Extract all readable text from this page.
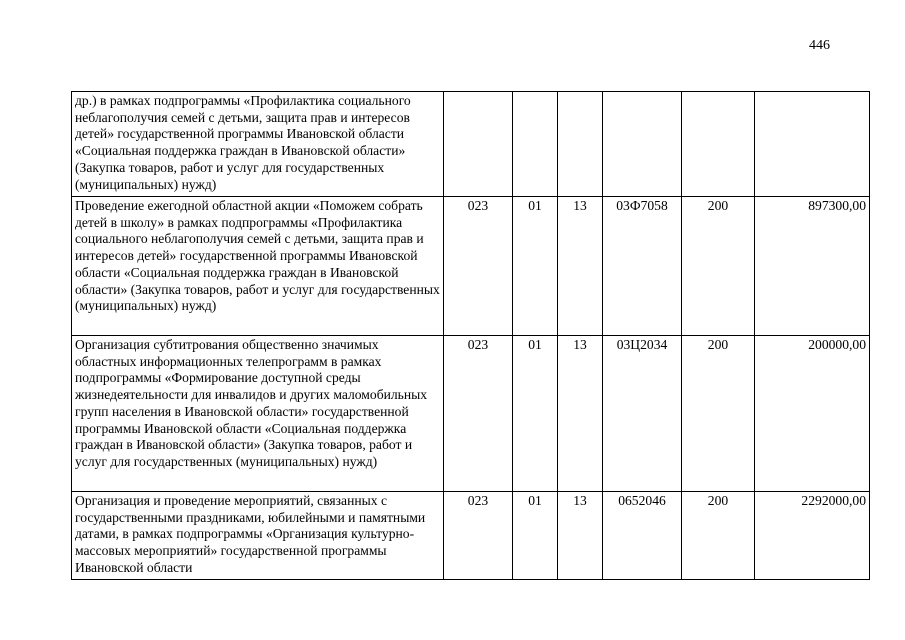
446
др.) в рамках подпрограммы «Профилактика социального неблагополучия семей с детьми, защита прав и интересов детей» государственной программы Ивановской области «Социальная поддержка граждан в Ивановской области» (Закупка товаров, работ и услуг для государственных (муниципальных) нужд)						
Проведение ежегодной областной акции «Поможем собрать детей в школу» в рамках подпрограммы «Профилактика социального неблагополучия семей с детьми, защита прав и интересов детей» государственной программы Ивановской области «Социальная поддержка граждан в Ивановской области» (Закупка товаров, работ и услуг для государственных (муниципальных) нужд)	023	01	13	03Ф7058	200	897300,00
Организация субтитрования общественно значимых областных информационных телепрограмм в рамках подпрограммы «Формирование доступной среды жизнедеятельности для инвалидов и других маломобильных групп населения в Ивановской области» государственной программы Ивановской области «Социальная поддержка граждан в Ивановской области» (Закупка товаров, работ и услуг для государственных (муниципальных) нужд)	023	01	13	03Ц2034	200	200000,00
Организация и проведение мероприятий, связанных с государственными праздниками, юбилейными и памятными датами, в рамках подпрограммы «Организация культурно-массовых мероприятий» государственной программы Ивановской области	023	01	13	0652046	200	2292000,00
